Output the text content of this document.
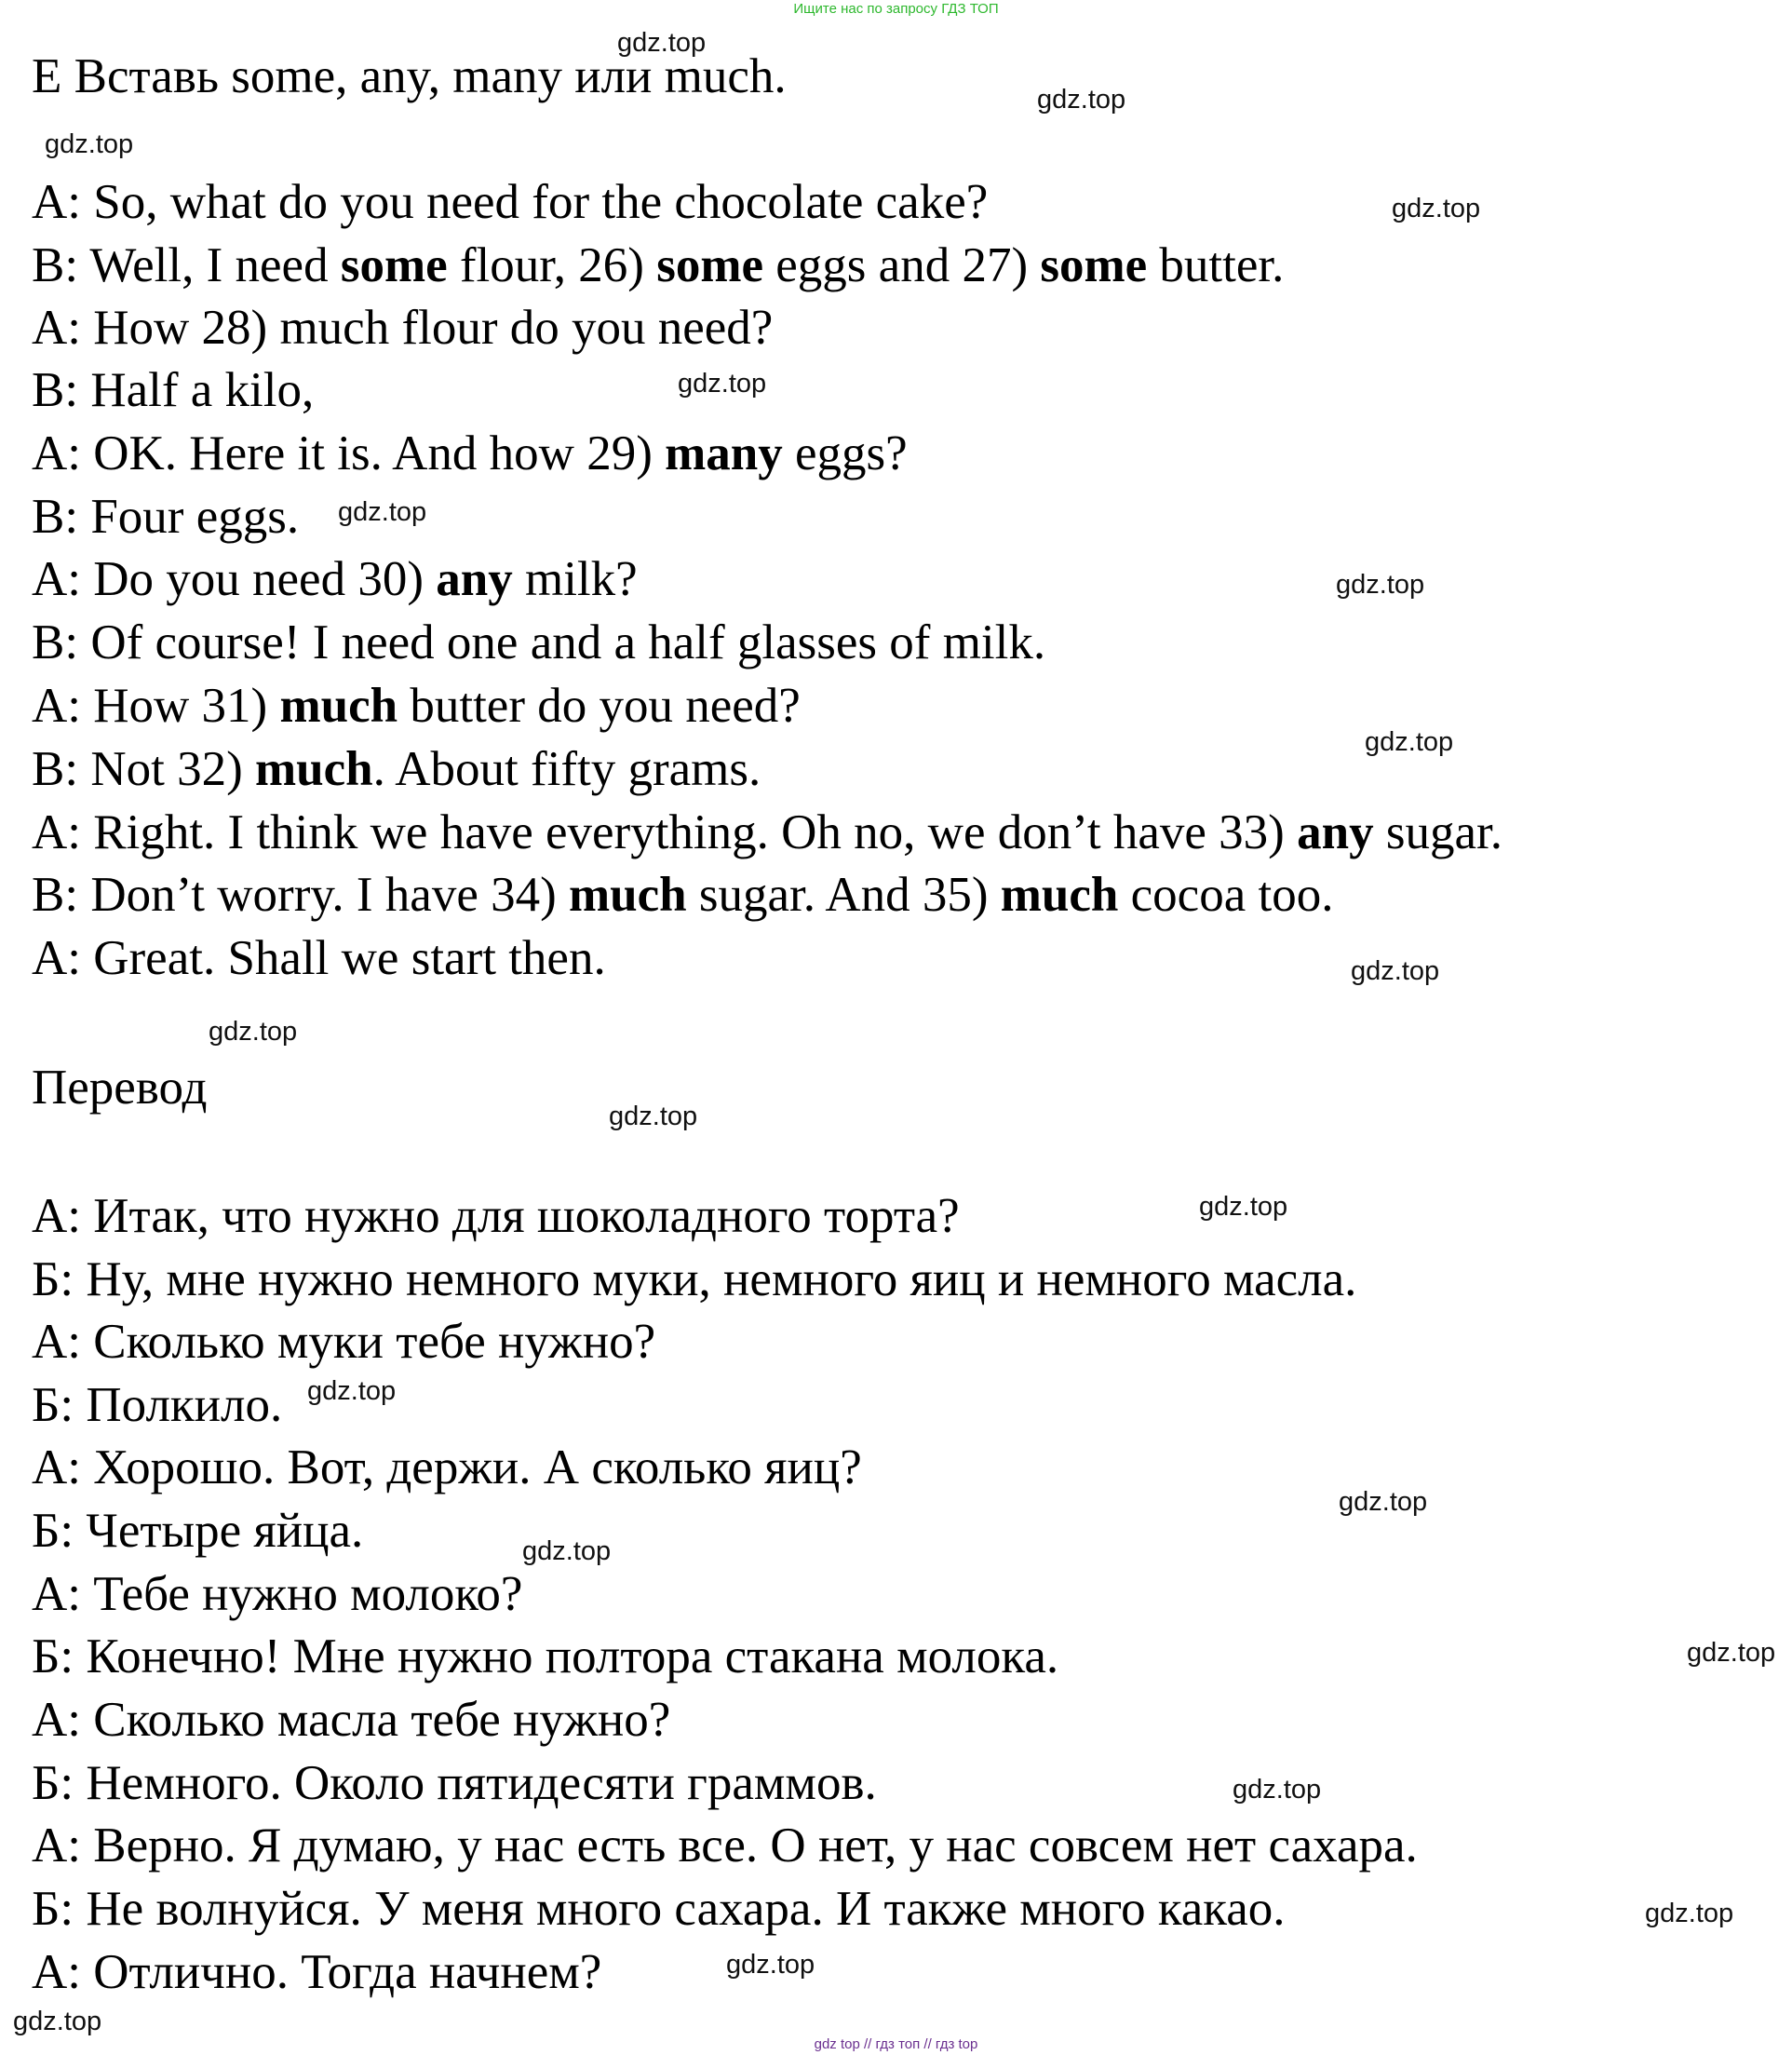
Ищите нас по запросу ГДЗ ТОП
E Вставь some, any, many или much.
A: So, what do you need for the chocolate cake?
B: Well, I need some flour, 26) some eggs and 27) some butter.
A: How 28) much flour do you need?
B: Half a kilo,
A: OK. Here it is. And how 29) many eggs?
B: Four eggs.
A: Do you need 30) any milk?
B: Of course! I need one and a half glasses of milk.
A: How 31) much butter do you need?
B: Not 32) much. About fifty grams.
A: Right. I think we have everything. Oh no, we don’t have 33) any sugar.
B: Don’t worry. I have 34) much sugar. And 35) much cocoa too.
A: Great. Shall we start then.
Перевод
А: Итак, что нужно для шоколадного торта?
Б: Ну, мне нужно немного муки, немного яиц и немного масла.
А: Сколько муки тебе нужно?
Б: Полкило.
А: Хорошо. Вот, держи. А сколько яиц?
Б: Четыре яйца.
А: Тебе нужно молоко?
Б: Конечно! Мне нужно полтора стакана молока.
А: Сколько масла тебе нужно?
Б: Немного. Около пятидесяти граммов.
А: Верно. Я думаю, у нас есть все. О нет, у нас совсем нет сахара.
Б: Не волнуйся. У меня много сахара. И также много какао.
А: Отлично. Тогда начнем?
gdz.top
gdz.top
gdz.top
gdz.top
gdz.top
gdz.top
gdz.top
gdz.top
gdz.top
gdz.top
gdz.top
gdz.top
gdz.top
gdz.top
gdz.top
gdz.top
gdz.top
gdz.top
gdz.top
gdz.top
gdz top // гдз топ // гдз top
